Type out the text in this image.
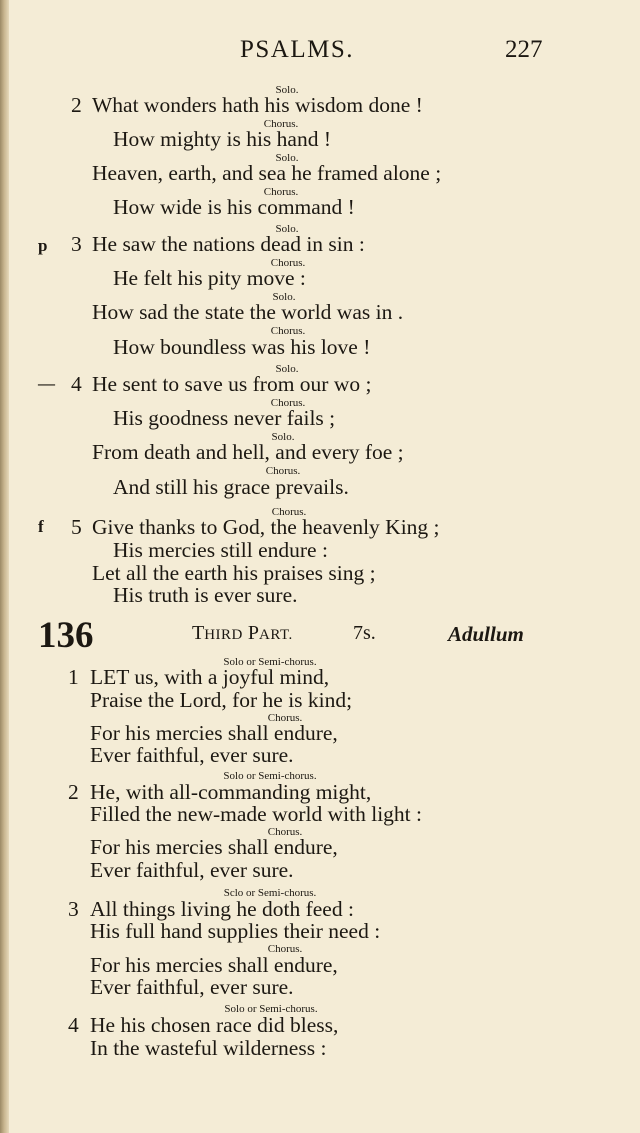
PSALMS.	227
Solo.
2 What wonders hath his wisdom done !
Chorus.
How mighty is his hand !
Solo.
Heaven, earth, and sea he framed alone ;
Chorus.
How wide is his command !
Solo.
p 3 He saw the nations dead in sin :
Chorus.
He felt his pity move :
Solo.
How sad the state the world was in .
Chorus.
How boundless was his love !
Solo.
— 4 He sent to save us from our wo ;
Chorus.
His goodness never fails ;
Solo.
From death and hell, and every foe ;
Chorus.
And still his grace prevails.
Chorus.
f 5 Give thanks to God, the heavenly King ;
His mercies still endure :
Let all the earth his praises sing ;
His truth is ever sure.
136	THIRD PART.	7s.	Adullum
Solo or Semi-chorus.
1 LET us, with a joyful mind,
Praise the Lord, for he is kind;
Chorus.
For his mercies shall endure,
Ever faithful, ever sure.
Solo or Semi-chorus.
2 He, with all-commanding might,
Filled the new-made world with light :
Chorus.
For his mercies shall endure,
Ever faithful, ever sure.
Sclo or Semi-chorus.
3 All things living he doth feed :
His full hand supplies their need :
Chorus.
For his mercies shall endure,
Ever faithful, ever sure.
Solo or Semi-chorus.
4 He his chosen race did bless,
In the wasteful wilderness :
